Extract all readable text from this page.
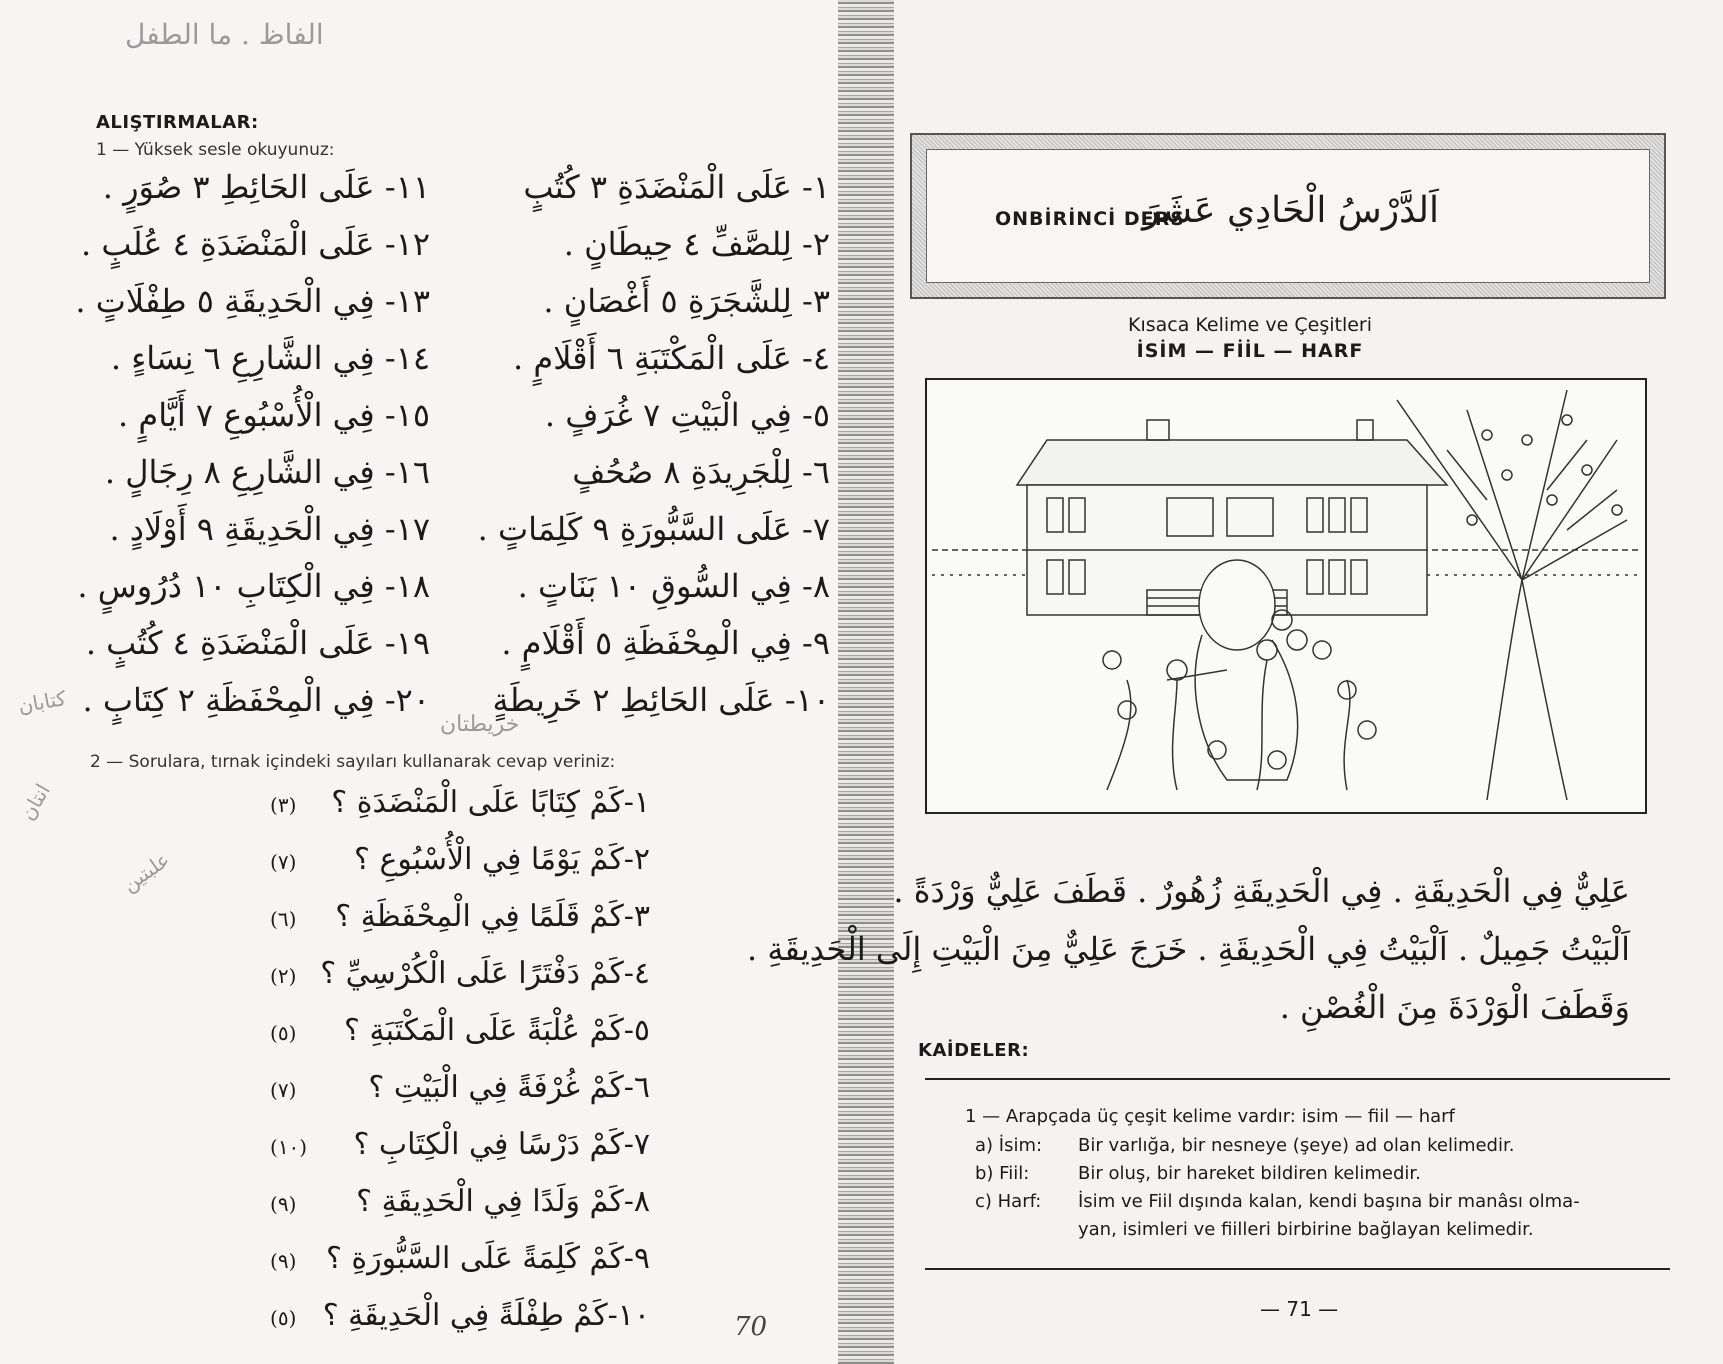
الفاظ . ما الطفل
كتابان
انتان
علبتين
ALIŞTIRMALAR:
1 — Yüksek sesle okuyunuz:
١- عَلَى الْمَنْضَدَةِ ٣ كُتُبٍ
١١- عَلَى الحَائِطِ ٣ صُوَرٍ .
٢- لِلصَّفِّ ٤ حِيطَانٍ .
١٢- عَلَى الْمَنْضَدَةِ ٤ عُلَبٍ .
٣- لِلشَّجَرَةِ ٥ أَغْصَانٍ .
١٣- فِي الْحَدِيقَةِ ٥ طِفْلَاتٍ .
٤- عَلَى الْمَكْتَبَةِ ٦ أَقْلَامٍ .
١٤- فِي الشَّارِعِ ٦ نِسَاءٍ .
٥- فِي الْبَيْتِ ٧ غُرَفٍ .
١٥- فِي الْأُسْبُوعِ ٧ أَيَّامٍ .
٦- لِلْجَرِيدَةِ ٨ صُحُفٍ
١٦- فِي الشَّارِعِ ٨ رِجَالٍ .
٧- عَلَى السَّبُّورَةِ ٩ كَلِمَاتٍ .
١٧- فِي الْحَدِيقَةِ ٩ أَوْلَادٍ .
٨- فِي السُّوقِ ١٠ بَنَاتٍ .
١٨- فِي الْكِتَابِ ١٠ دُرُوسٍ .
٩- فِي الْمِحْفَظَةِ ٥ أَقْلَامٍ .
١٩- عَلَى الْمَنْضَدَةِ ٤ كُتُبٍ .
١٠- عَلَى الحَائِطِ ٢ خَرِيطَةٍ
٢٠- فِي الْمِحْفَظَةِ ٢ كِتَابٍ .
2 — Sorulara, tırnak içindeki sayıları kullanarak cevap veriniz:
خريطتان
١-كَمْ كِتَابًا عَلَى الْمَنْضَدَةِ ؟
(٣)
٢-كَمْ يَوْمًا فِي الْأُسْبُوعِ ؟
(٧)
٣-كَمْ قَلَمًا فِي الْمِحْفَظَةِ ؟
(٦)
٤-كَمْ دَفْتَرًا عَلَى الْكُرْسِيِّ ؟
(٢)
٥-كَمْ عُلْبَةً عَلَى الْمَكْتَبَةِ ؟
(٥)
٦-كَمْ غُرْفَةً فِي الْبَيْتِ ؟
(٧)
٧-كَمْ دَرْسًا فِي الْكِتَابِ ؟
(١٠)
٨-كَمْ وَلَدًا فِي الْحَدِيقَةِ ؟
(٩)
٩-كَمْ كَلِمَةً عَلَى السَّبُّورَةِ ؟
(٩)
١٠-كَمْ طِفْلَةً فِي الْحَدِيقَةِ ؟
(٥)	70
ONBİRİNCİ DERS
اَلدَّرْسُ الْحَادِي عَشَرَ
Kısaca Kelime ve Çeşitleri
İSİM — FİİL — HARF
عَلِيٌّ فِي الْحَدِيقَةِ . فِي الْحَدِيقَةِ زُهُورٌ . قَطَفَ عَلِيٌّ وَرْدَةً .
اَلْبَيْتُ جَمِيلٌ . اَلْبَيْتُ فِي الْحَدِيقَةِ . خَرَجَ عَلِيٌّ مِنَ الْبَيْتِ إِلَى الْحَدِيقَةِ .
وَقَطَفَ الْوَرْدَةَ مِنَ الْغُصْنِ .
KAİDELER:
1 — Arapçada üç çeşit kelime vardır: isim — fiil — harf
a) İsim: Bir varlığa, bir nesneye (şeye) ad olan kelimedir.
b) Fiil:	Bir oluş, bir hareket bildiren kelimedir.
c) Harf: İsim ve Fiil dışında kalan, kendi başına bir manâsı olma-
yan, isimleri ve fiilleri birbirine bağlayan kelimedir.
— 71 —
